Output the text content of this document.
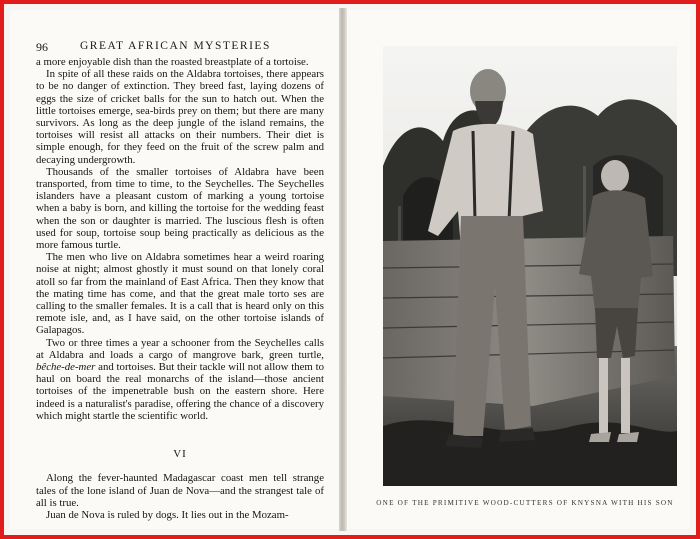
96	GREAT AFRICAN MYSTERIES

a more enjoyable dish than the roasted breastplate of a tortoise.

In spite of all these raids on the Aldabra tortoises, there appears to be no danger of extinction. They breed fast, laying dozens of eggs the size of cricket balls for the sun to hatch out. When the little tortoises emerge, sea-birds prey on them; but there are many survivors. As long as the deep jungle of the island remains, the tortoises will resist all attacks on their numbers. Their diet is simple enough, for they feed on the fruit of the screw palm and decaying undergrowth.

Thousands of the smaller tortoises of Aldabra have been transported, from time to time, to the Seychelles. The Seychelles islanders have a pleasant custom of marking a young tortoise when a baby is born, and killing the tortoise for the wedding feast when the son or daughter is married. The luscious flesh is often used for soup, tortoise soup being practically as delicious as the more famous turtle.

The men who live on Aldabra sometimes hear a weird roaring noise at night; almost ghostly it must sound on that lonely coral atoll so far from the mainland of East Africa. Then they know that the mating time has come, and that the great male torto ses are calling to the smaller females. It is a call that is heard only on this remote isle, and, as I have said, on the other tortoise islands of Galapagos.

Two or three times a year a schooner from the Seychelles calls at Aldabra and loads a cargo of mangrove bark, green turtle, bêche-de-mer and tortoises. But their tackle will not allow them to haul on board the real monarchs of the island—those ancient tortoises of the impenetrable bush on the eastern shore. Here indeed is a naturalist's paradise, offering the chance of a discovery which might startle the scientific world.

VI

Along the fever-haunted Madagascar coast men tell strange tales of the lone island of Juan de Nova—and the strangest tale of all is true.

Juan de Nova is ruled by dogs. It lies out in the Mozam-

ONE OF THE PRIMITIVE WOOD-CUTTERS OF KNYSNA WITH HIS SON
